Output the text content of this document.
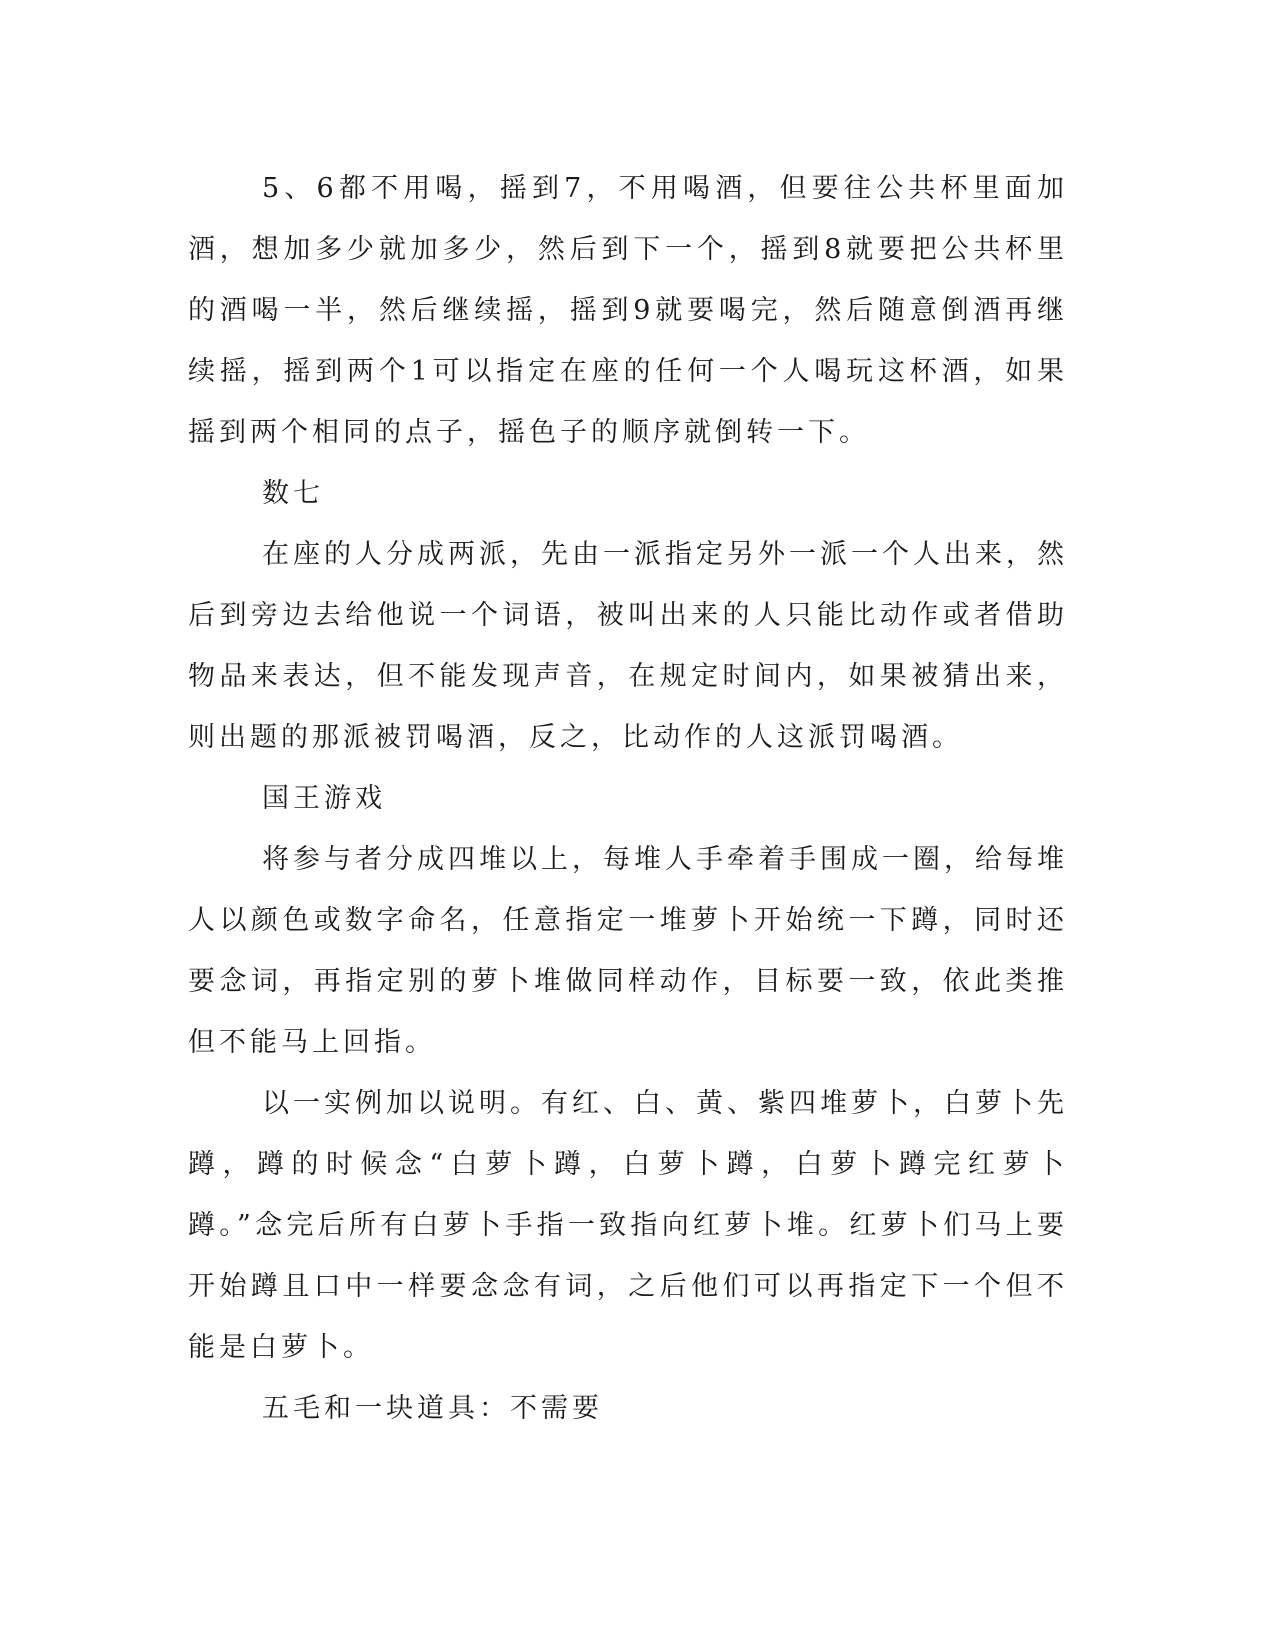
5、6都不用喝，摇到7，不用喝酒，但要往公共杯里面加酒，想加多少就加多少，然后到下一个，摇到8就要把公共杯里的酒喝一半，然后继续摇，摇到9就要喝完，然后随意倒酒再继续摇，摇到两个1可以指定在座的任何一个人喝玩这杯酒，如果摇到两个相同的点子，摇色子的顺序就倒转一下。

数七

在座的人分成两派，先由一派指定另外一派一个人出来，然后到旁边去给他说一个词语，被叫出来的人只能比动作或者借助物品来表达，但不能发现声音，在规定时间内，如果被猜出来，则出题的那派被罚喝酒，反之，比动作的人这派罚喝酒。

国王游戏

将参与者分成四堆以上，每堆人手牵着手围成一圈，给每堆人以颜色或数字命名，任意指定一堆萝卜开始统一下蹲，同时还要念词，再指定别的萝卜堆做同样动作，目标要一致，依此类推但不能马上回指。

以一实例加以说明。有红、白、黄、紫四堆萝卜，白萝卜先蹲，蹲的时候念“白萝卜蹲，白萝卜蹲，白萝卜蹲完红萝卜蹲。”念完后所有白萝卜手指一致指向红萝卜堆。红萝卜们马上要开始蹲且口中一样要念念有词，之后他们可以再指定下一个但不能是白萝卜。

五毛和一块道具：不需要
